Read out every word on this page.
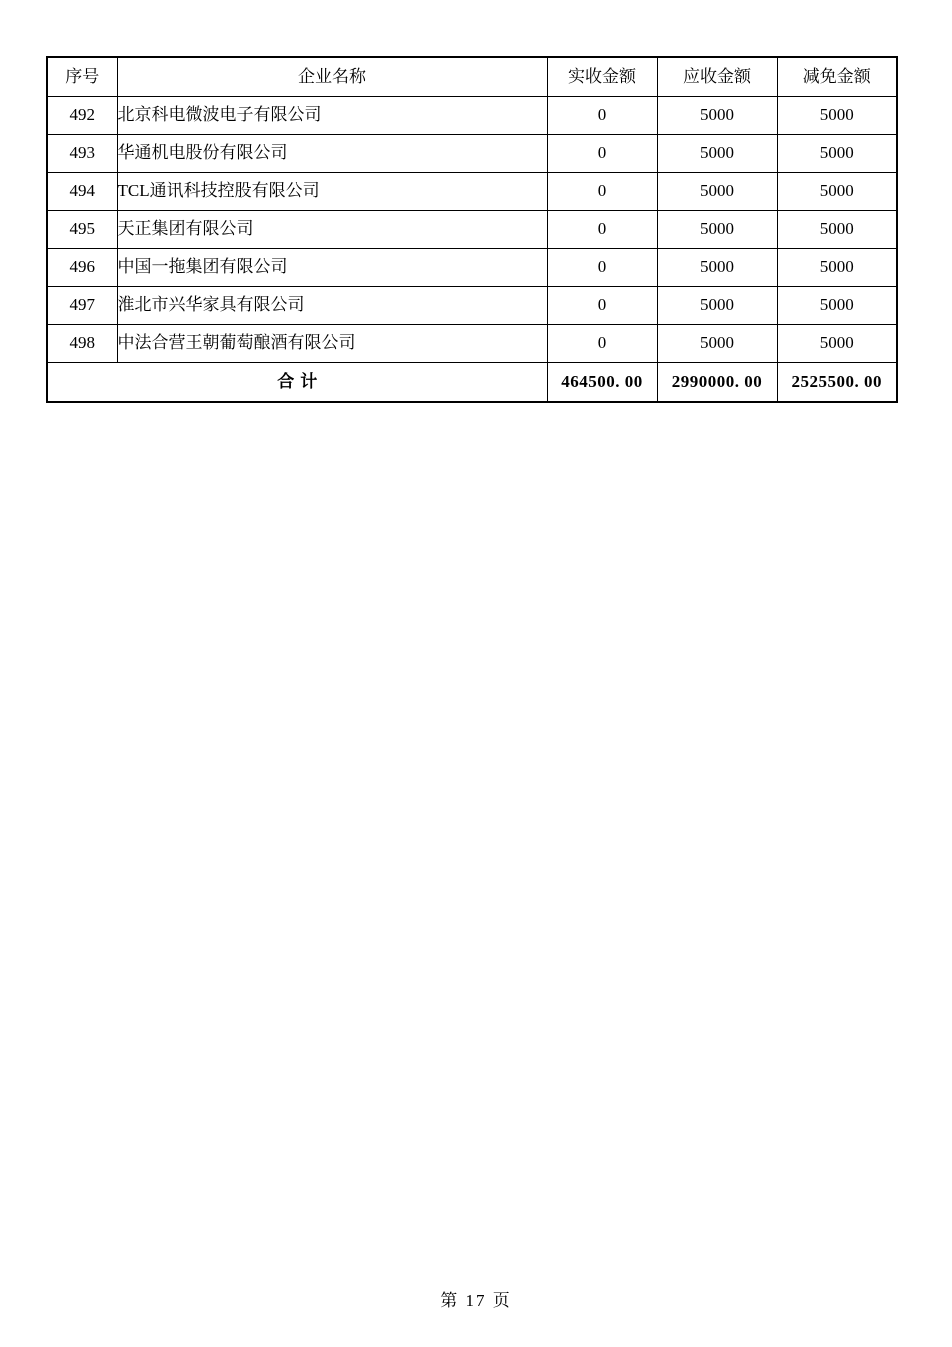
序号	企业名称	实收金额	应收金额	减免金额
492	北京科电微波电子有限公司	0	5000	5000
493	华通机电股份有限公司	0	5000	5000
494	TCL通讯科技控股有限公司	0	5000	5000
495	天正集团有限公司	0	5000	5000
496	中国一拖集团有限公司	0	5000	5000
497	淮北市兴华家具有限公司	0	5000	5000
498	中法合营王朝葡萄酿酒有限公司	0	5000	5000
合计		464500. 00	2990000. 00	2525500. 00
第 17 页
